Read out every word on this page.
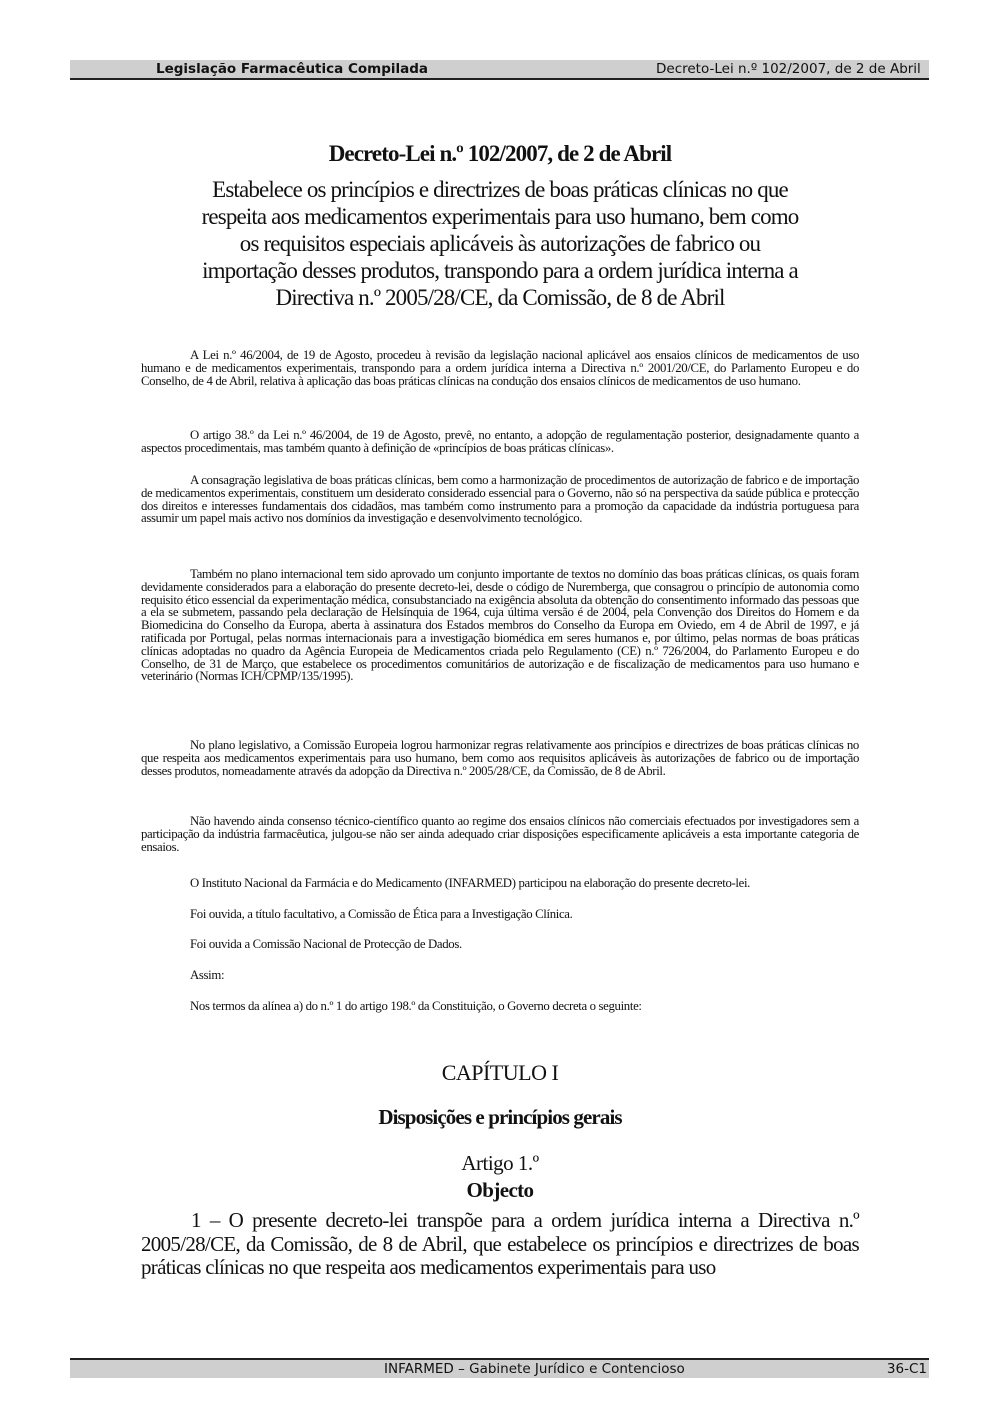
Legislação Farmacêutica Compilada	Decreto-Lei n.º 102/2007, de 2 de Abril
Decreto-Lei n.º 102/2007, de 2 de Abril
Estabelece os princípios e directrizes de boas práticas clínicas no que respeita aos medicamentos experimentais para uso humano, bem como os requisitos especiais aplicáveis às autorizações de fabrico ou importação desses produtos, transpondo para a ordem jurídica interna a Directiva n.º 2005/28/CE, da Comissão, de 8 de Abril

A Lei n.º 46/2004, de 19 de Agosto, procedeu à revisão da legislação nacional aplicável aos ensaios clínicos de medicamentos de uso humano e de medicamentos experimentais, transpondo para a ordem jurídica interna a Directiva n.º 2001/20/CE, do Parlamento Europeu e do Conselho, de 4 de Abril, relativa à aplicação das boas práticas clínicas na condução dos ensaios clínicos de medicamentos de uso humano.

O artigo 38.º da Lei n.º 46/2004, de 19 de Agosto, prevê, no entanto, a adopção de regulamentação posterior, designadamente quanto a aspectos procedimentais, mas também quanto à definição de «princípios de boas práticas clínicas».

A consagração legislativa de boas práticas clínicas, bem como a harmonização de procedimentos de autorização de fabrico e de importação de medicamentos experimentais, constituem um desiderato considerado essencial para o Governo, não só na perspectiva da saúde pública e protecção dos direitos e interesses fundamentais dos cidadãos, mas também como instrumento para a promoção da capacidade da indústria portuguesa para assumir um papel mais activo nos domínios da investigação e desenvolvimento tecnológico.

Também no plano internacional tem sido aprovado um conjunto importante de textos no domínio das boas práticas clínicas, os quais foram devidamente considerados para a elaboração do presente decreto-lei, desde o código de Nuremberga, que consagrou o princípio de autonomia como requisito ético essencial da experimentação médica, consubstanciado na exigência absoluta da obtenção do consentimento informado das pessoas que a ela se submetem, passando pela declaração de Helsínquia de 1964, cuja última versão é de 2004, pela Convenção dos Direitos do Homem e da Biomedicina do Conselho da Europa, aberta à assinatura dos Estados membros do Conselho da Europa em Oviedo, em 4 de Abril de 1997, e já ratificada por Portugal, pelas normas internacionais para a investigação biomédica em seres humanos e, por último, pelas normas de boas práticas clínicas adoptadas no quadro da Agência Europeia de Medicamentos criada pelo Regulamento (CE) n.º 726/2004, do Parlamento Europeu e do Conselho, de 31 de Março, que estabelece os procedimentos comunitários de autorização e de fiscalização de medicamentos para uso humano e veterinário (Normas ICH/CPMP/135/1995).

No plano legislativo, a Comissão Europeia logrou harmonizar regras relativamente aos princípios e directrizes de boas práticas clínicas no que respeita aos medicamentos experimentais para uso humano, bem como aos requisitos aplicáveis às autorizações de fabrico ou de importação desses produtos, nomeadamente através da adopção da Directiva n.º 2005/28/CE, da Comissão, de 8 de Abril.

Não havendo ainda consenso técnico-científico quanto ao regime dos ensaios clínicos não comerciais efectuados por investigadores sem a participação da indústria farmacêutica, julgou-se não ser ainda adequado criar disposições especificamente aplicáveis a esta importante categoria de ensaios.

O Instituto Nacional da Farmácia e do Medicamento (INFARMED) participou na elaboração do presente decreto-lei.

Foi ouvida, a título facultativo, a Comissão de Ética para a Investigação Clínica.

Foi ouvida a Comissão Nacional de Protecção de Dados.

Assim:

Nos termos da alínea a) do n.º 1 do artigo 198.º da Constituição, o Governo decreta o seguinte:

CAPÍTULO I
Disposições e princípios gerais
Artigo 1.º
Objecto

1 – O presente decreto-lei transpõe para a ordem jurídica interna a Directiva n.º 2005/28/CE, da Comissão, de 8 de Abril, que estabelece os princípios e directrizes de boas práticas clínicas no que respeita aos medicamentos experimentais para uso

INFARMED – Gabinete Jurídico e Contencioso	36-C1
